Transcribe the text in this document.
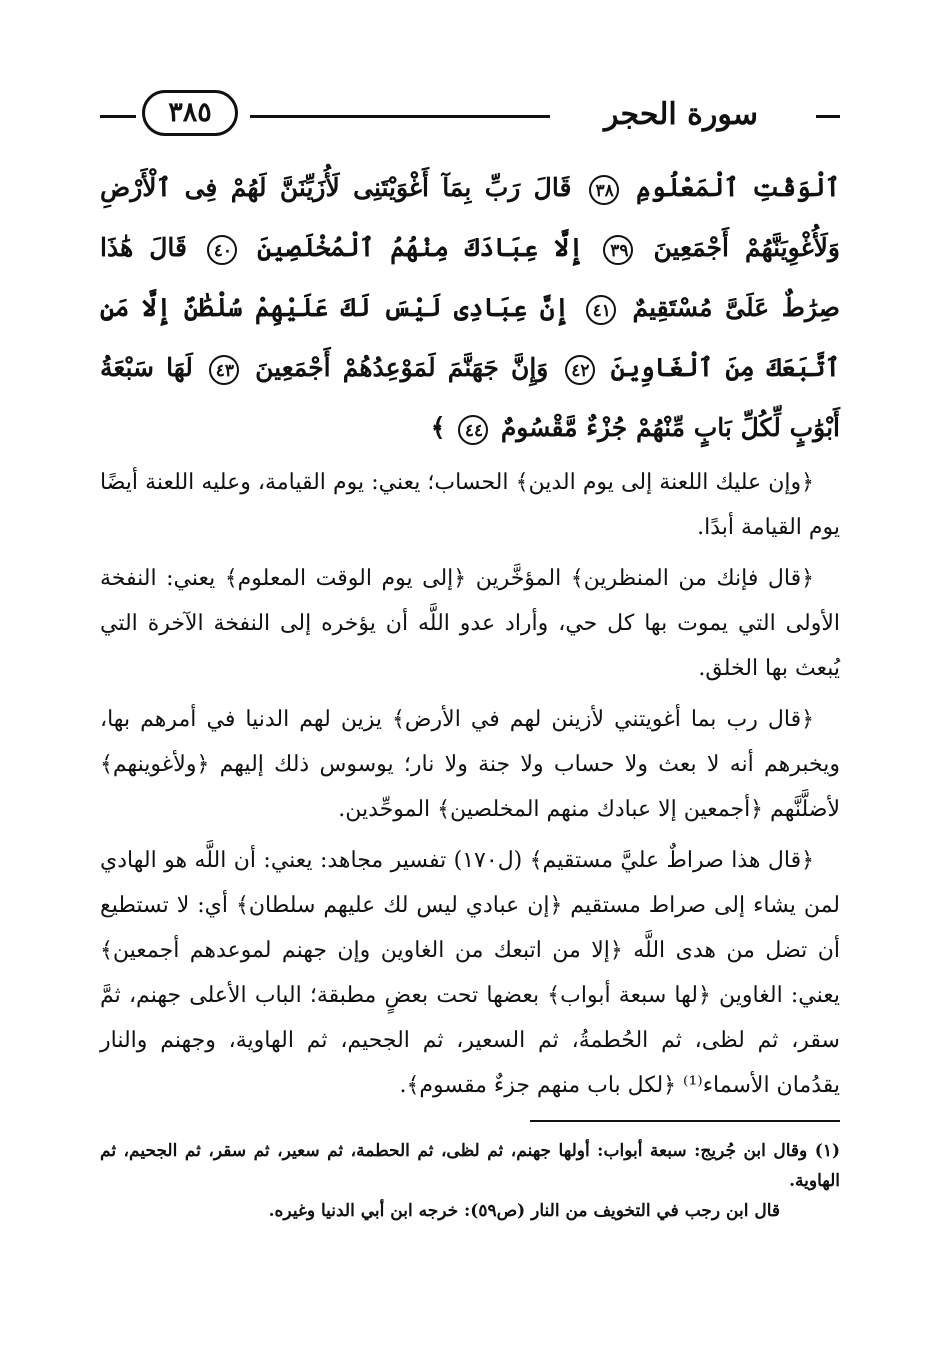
سورة الحجر
٣٨٥
ٱلْوَقْتِ ٱلْمَعْلُومِ ٣٨ قَالَ رَبِّ بِمَآ أَغْوَيْتَنِى لَأُزَيِّنَنَّ لَهُمْ فِى ٱلْأَرْضِ وَلَأُغْوِيَنَّهُمْ أَجْمَعِينَ ٣٩ إِلَّا عِبَادَكَ مِنْهُمُ ٱلْمُخْلَصِينَ ٤٠ قَالَ هَٰذَا صِرَٰطٌ عَلَىَّ مُسْتَقِيمٌ ٤١ إِنَّ عِبَادِى لَيْسَ لَكَ عَلَيْهِمْ سُلْطَٰنٌ إِلَّا مَنِ ٱتَّبَعَكَ مِنَ ٱلْغَاوِينَ ٤٢ وَإِنَّ جَهَنَّمَ لَمَوْعِدُهُمْ أَجْمَعِينَ ٤٣ لَهَا سَبْعَةُ أَبْوَٰبٍ لِّكُلِّ بَابٍ مِّنْهُمْ جُزْءٌ مَّقْسُومٌ ٤٤ ﴾

﴿وإن عليك اللعنة إلى يوم الدين﴾ الحساب؛ يعني: يوم القيامة، وعليه اللعنة أيضًا يوم القيامة أبدًا.

﴿قال فإنك من المنظرين﴾ المؤخَّرين ﴿إلى يوم الوقت المعلوم﴾ يعني: النفخة الأولى التي يموت بها كل حي، وأراد عدو اللَّه أن يؤخره إلى النفخة الآخرة التي يُبعث بها الخلق.

﴿قال رب بما أغويتني لأزينن لهم في الأرض﴾ يزين لهم الدنيا في أمرهم بها، ويخبرهم أنه لا بعث ولا حساب ولا جنة ولا نار؛ يوسوس ذلك إليهم ﴿ولأغوينهم﴾ لأضلَّنَّهم ﴿أجمعين إلا عبادك منهم المخلصين﴾ الموحِّدين.

﴿قال هذا صراطٌ عليَّ مستقيم﴾ (ل١٧٠) تفسير مجاهد: يعني: أن اللَّه هو الهادي لمن يشاء إلى صراط مستقيم ﴿إن عبادي ليس لك عليهم سلطان﴾ أي: لا تستطيع أن تضل من هدى اللَّه ﴿إلا من اتبعك من الغاوين وإن جهنم لموعدهم أجمعين﴾ يعني: الغاوين ﴿لها سبعة أبواب﴾ بعضها تحت بعضٍ مطبقة؛ الباب الأعلى جهنم، ثمَّ سقر، ثم لظى، ثم الحُطمةُ، ثم السعير، ثم الجحيم، ثم الهاوية، وجهنم والنار يقدُمان الأسماء⁽¹⁾ ﴿لكل باب منهم جزءٌ مقسوم﴾.

(١) وقال ابن جُريج: سبعة أبواب: أولها جهنم، ثم لظى، ثم الحطمة، ثم سعير، ثم سقر، ثم الجحيم، ثم الهاوية.
قال ابن رجب في التخويف من النار (ص٥٩): خرجه ابن أبي الدنيا وغيره.
